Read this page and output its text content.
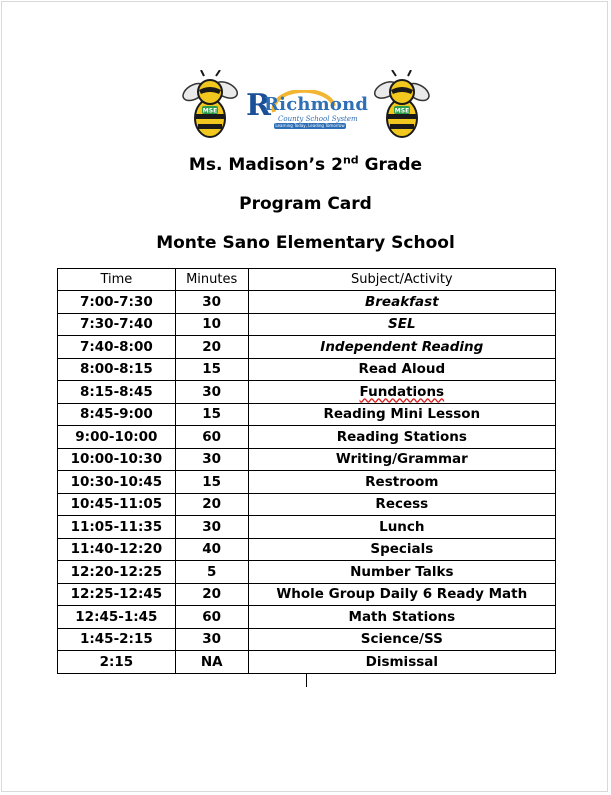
MSE R
Richmond
County School System
Learning Today, Leading Tomorrow
MSE
Ms. Madison’s 2nd Grade
Program Card
Monte Sano Elementary School
Time	Minutes	Subject/Activity
7:00-7:30	30	Breakfast
7:30-7:40	10	SEL
7:40-8:00	20	Independent Reading
8:00-8:15	15	Read Aloud
8:15-8:45	30	Fundations
8:45-9:00	15	Reading Mini Lesson
9:00-10:00	60	Reading Stations
10:00-10:30	30	Writing/Grammar
10:30-10:45	15	Restroom
10:45-11:05	20	Recess
11:05-11:35	30	Lunch
11:40-12:20	40	Specials
12:20-12:25	5	Number Talks
12:25-12:45	20	Whole Group Daily 6 Ready Math
12:45-1:45	60	Math Stations
1:45-2:15	30	Science/SS
2:15	NA	Dismissal
